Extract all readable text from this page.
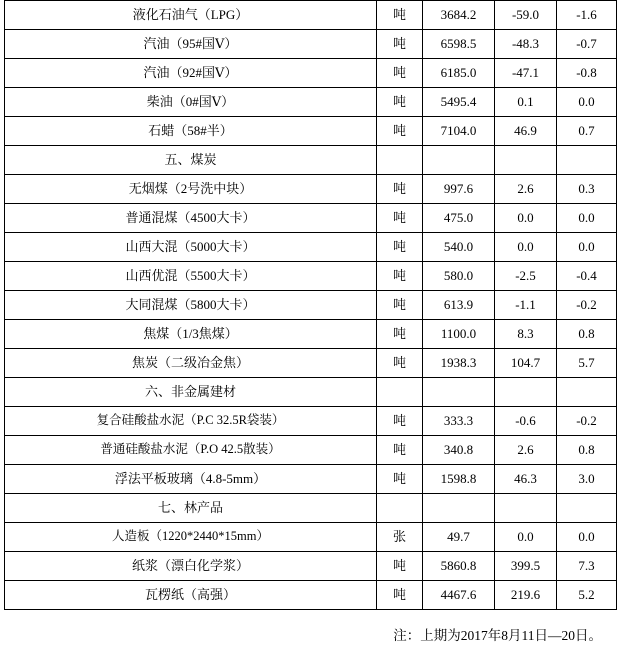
液化石油气（LPG）	吨	3684.2	-59.0	-1.6
汽油（95#国Ⅴ）	吨	6598.5	-48.3	-0.7
汽油（92#国Ⅴ）	吨	6185.0	-47.1	-0.8
柴油（0#国Ⅴ）	吨	5495.4	0.1	0.0
石蜡（58#半）	吨	7104.0	46.9	0.7
五、煤炭				
无烟煤（2号洗中块）	吨	997.6	2.6	0.3
普通混煤（4500大卡）	吨	475.0	0.0	0.0
山西大混（5000大卡）	吨	540.0	0.0	0.0
山西优混（5500大卡）	吨	580.0	-2.5	-0.4
大同混煤（5800大卡）	吨	613.9	-1.1	-0.2
焦煤（1/3焦煤）	吨	1100.0	8.3	0.8
焦炭（二级冶金焦）	吨	1938.3	104.7	5.7
六、非金属建材				
复合硅酸盐水泥（P.C 32.5R袋装）	吨	333.3	-0.6	-0.2
普通硅酸盐水泥（P.O 42.5散装）	吨	340.8	2.6	0.8
浮法平板玻璃（4.8-5mm）	吨	1598.8	46.3	3.0
七、林产品				
人造板（1220*2440*15mm）	张	49.7	0.0	0.0
纸浆（漂白化学浆）	吨	5860.8	399.5	7.3
瓦楞纸（高强）	吨	4467.6	219.6	5.2
注：上期为2017年8月11日—20日。
